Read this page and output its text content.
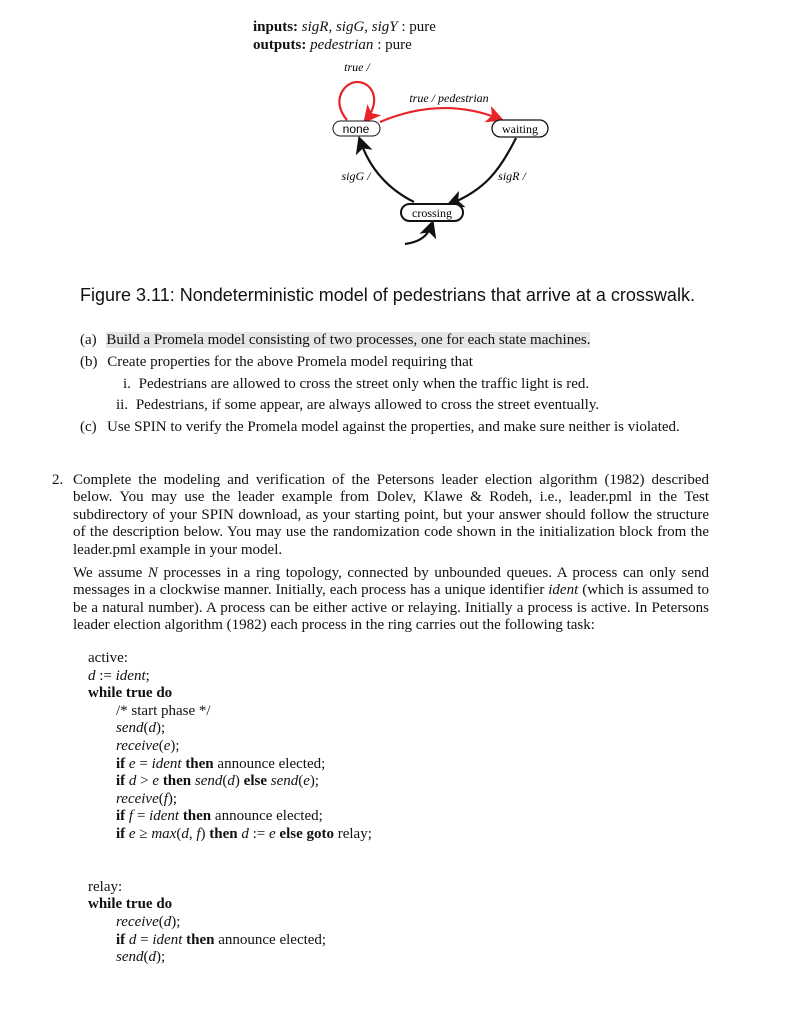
inputs: sigR, sigG, sigY : pure
outputs: pedestrian : pure
none	waiting
crossing
true /
true / pedestrian
sigG /	sigR /
Figure 3.11: Nondeterministic model of pedestrians that arrive at a crosswalk.
(a) Build a Promela model consisting of two processes, one for each state machines.
(b) Create properties for the above Promela model requiring that
i. Pedestrians are allowed to cross the street only when the traffic light is red.
ii. Pedestrians, if some appear, are always allowed to cross the street eventually.
(c) Use SPIN to verify the Promela model against the properties, and make sure neither is violated.
2. Complete the modeling and verification of the Petersons leader election algorithm (1982) described below. You may use the leader example from Dolev, Klawe & Rodeh, i.e., leader.pml in the Test subdirectory of your SPIN download, as your starting point, but your answer should follow the structure of the description below. You may use the randomization code shown in the initialization block from the leader.pml example in your model.
We assume N processes in a ring topology, connected by unbounded queues. A process can only send messages in a clockwise manner. Initially, each process has a unique identifier ident (which is assumed to be a natural number). A process can be either active or relaying. Initially a process is active. In Petersons leader election algorithm (1982) each process in the ring carries out the following task:
active:
d := ident;
while true do
/* start phase */
send(d);
receive(e);
if e = ident then announce elected;
if d > e then send(d) else send(e);
receive(f);
if f = ident then announce elected;
if e ≥ max(d, f) then d := e else goto relay;
relay:
while true do
receive(d);
if d = ident then announce elected;
send(d);
